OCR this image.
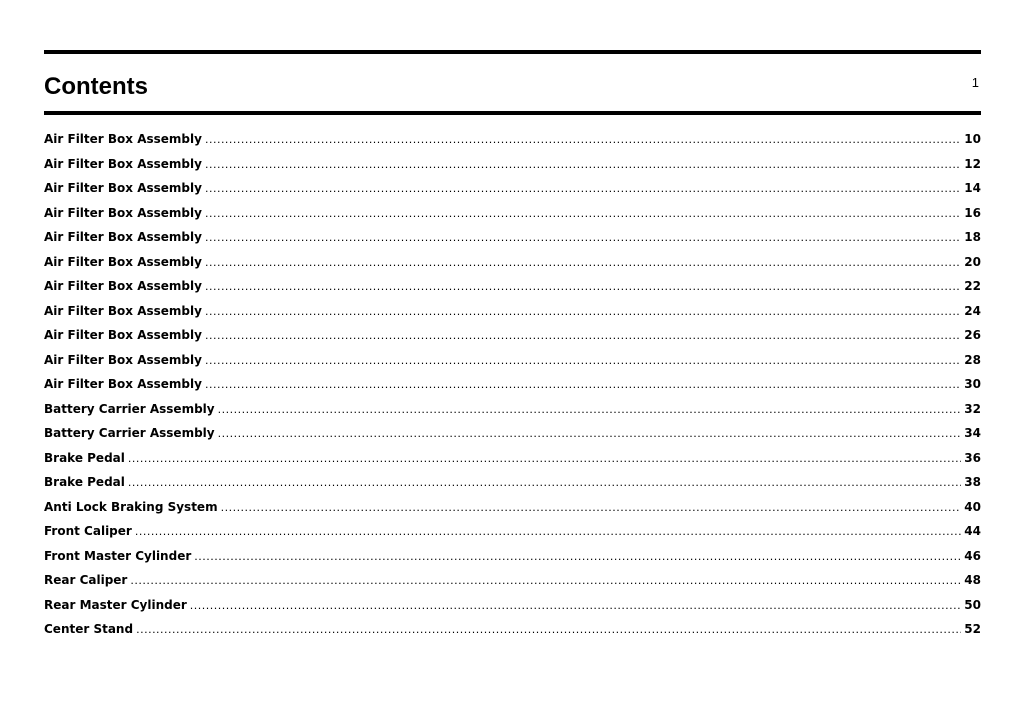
Contents	1
Air Filter Box Assembly .....	10
Air Filter Box Assembly .....	12
Air Filter Box Assembly .....	14
Air Filter Box Assembly .....	16
Air Filter Box Assembly .....	18
Air Filter Box Assembly .....	20
Air Filter Box Assembly .....	22
Air Filter Box Assembly .....	24
Air Filter Box Assembly .....	26
Air Filter Box Assembly .....	28
Air Filter Box Assembly .....	30
Battery Carrier Assembly .....	32
Battery Carrier Assembly .....	34
Brake Pedal .....	36
Brake Pedal .....	38
Anti Lock Braking System .....	40
Front Caliper .....	44
Front Master Cylinder .....	46
Rear Caliper .....	48
Rear Master Cylinder .....	50
Center Stand .....	52
